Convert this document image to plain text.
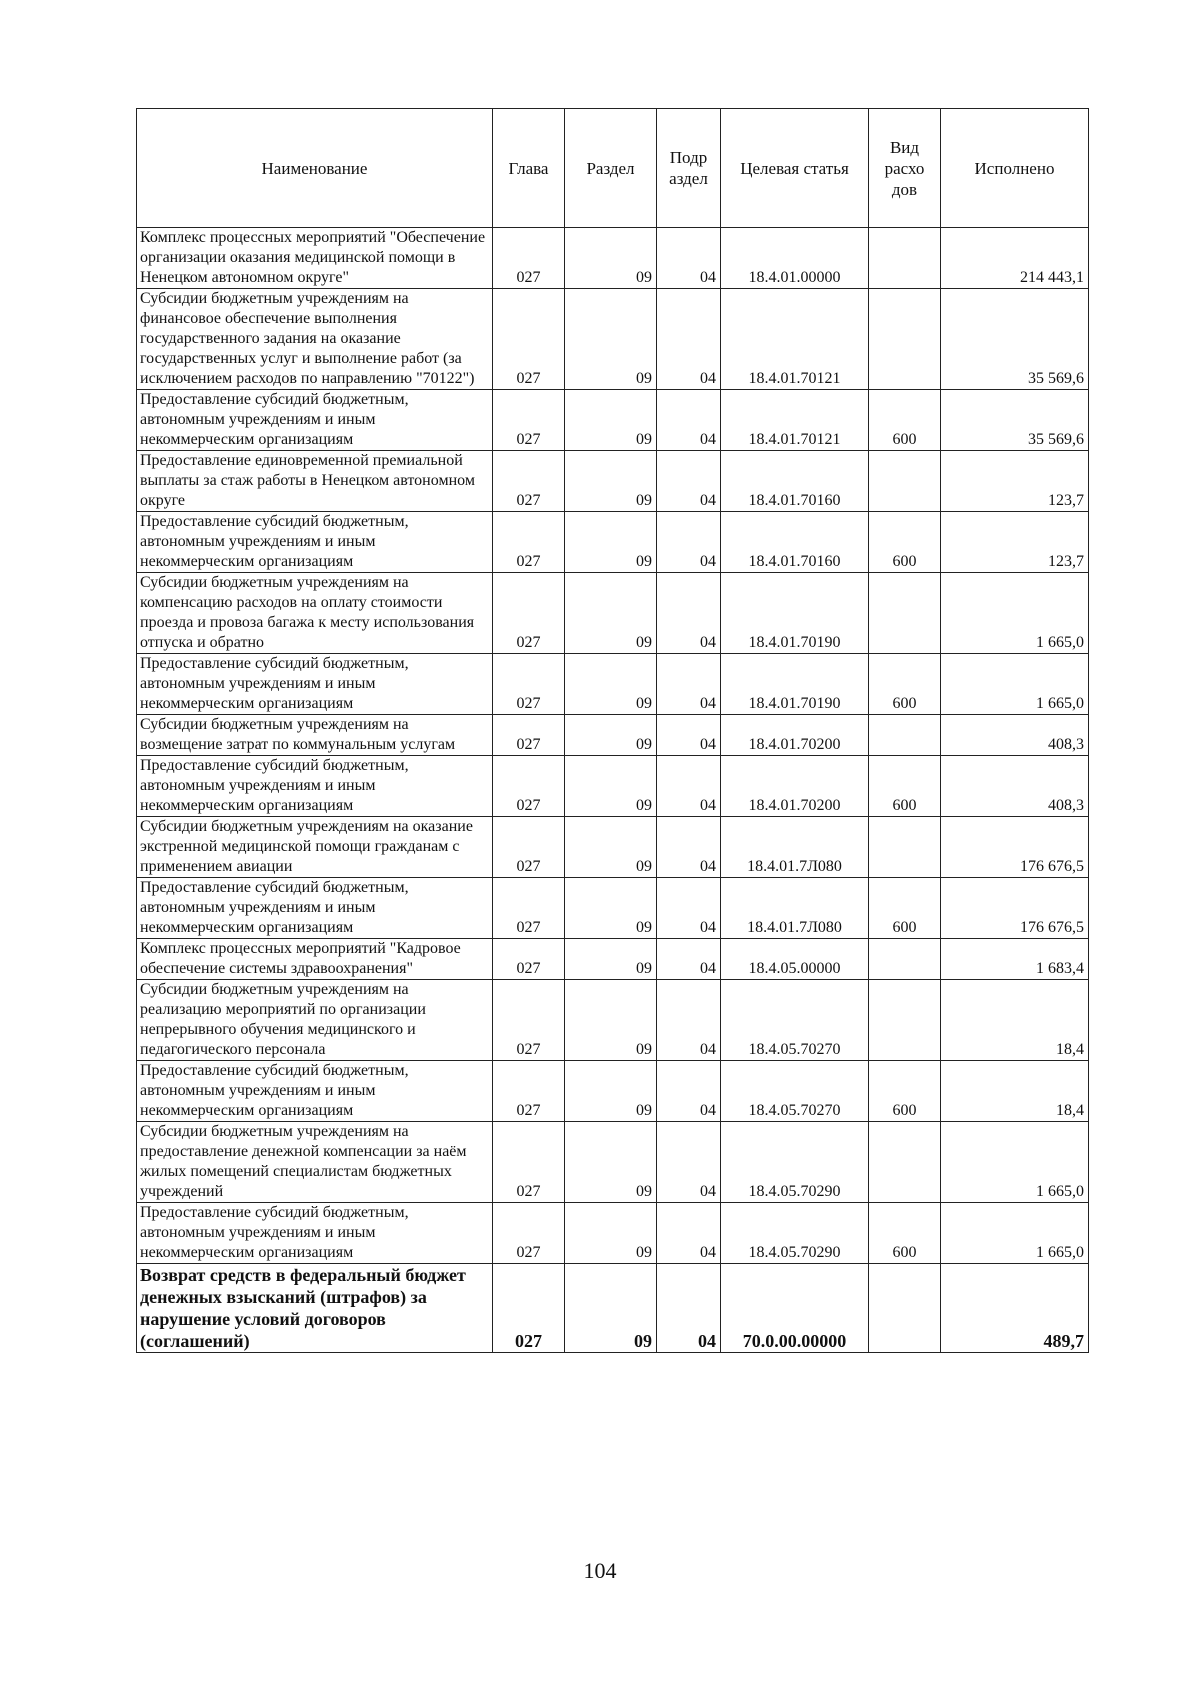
Наименование	Глава	Раздел	Подр аздел	Целевая статья	Вид расхо дов	Исполнено
Комплекс процессных мероприятий "Обеспечение организации оказания медицинской помощи в Ненецком автономном округе"	027	09	04	18.4.01.00000		214 443,1
Субсидии бюджетным учреждениям на финансовое обеспечение выполнения государственного задания на оказание государственных услуг и выполнение работ (за исключением расходов по направлению "70122")	027	09	04	18.4.01.70121		35 569,6
Предоставление субсидий бюджетным, автономным учреждениям и иным некоммерческим организациям	027	09	04	18.4.01.70121	600	35 569,6
Предоставление единовременной премиальной выплаты за стаж работы в Ненецком автономном округе	027	09	04	18.4.01.70160		123,7
Предоставление субсидий бюджетным, автономным учреждениям и иным некоммерческим организациям	027	09	04	18.4.01.70160	600	123,7
Субсидии бюджетным учреждениям на компенсацию расходов на оплату стоимости проезда и провоза багажа к месту использования отпуска и обратно	027	09	04	18.4.01.70190		1 665,0
Предоставление субсидий бюджетным, автономным учреждениям и иным некоммерческим организациям	027	09	04	18.4.01.70190	600	1 665,0
Субсидии бюджетным учреждениям на возмещение затрат по коммунальным услугам	027	09	04	18.4.01.70200		408,3
Предоставление субсидий бюджетным, автономным учреждениям и иным некоммерческим организациям	027	09	04	18.4.01.70200	600	408,3
Субсидии бюджетным учреждениям на оказание экстренной медицинской помощи гражданам с применением авиации	027	09	04	18.4.01.7Л080		176 676,5
Предоставление субсидий бюджетным, автономным учреждениям и иным некоммерческим организациям	027	09	04	18.4.01.7Л080	600	176 676,5
Комплекс процессных мероприятий "Кадровое обеспечение системы здравоохранения"	027	09	04	18.4.05.00000		1 683,4
Субсидии бюджетным учреждениям на реализацию мероприятий по организации непрерывного обучения медицинского и педагогического персонала	027	09	04	18.4.05.70270		18,4
Предоставление субсидий бюджетным, автономным учреждениям и иным некоммерческим организациям	027	09	04	18.4.05.70270	600	18,4
Субсидии бюджетным учреждениям на предоставление денежной компенсации за наём жилых помещений специалистам бюджетных учреждений	027	09	04	18.4.05.70290		1 665,0
Предоставление субсидий бюджетным, автономным учреждениям и иным некоммерческим организациям	027	09	04	18.4.05.70290	600	1 665,0
Возврат средств в федеральный бюджет денежных взысканий (штрафов) за нарушение условий договоров (соглашений)	027	09	04	70.0.00.00000		489,7
104
